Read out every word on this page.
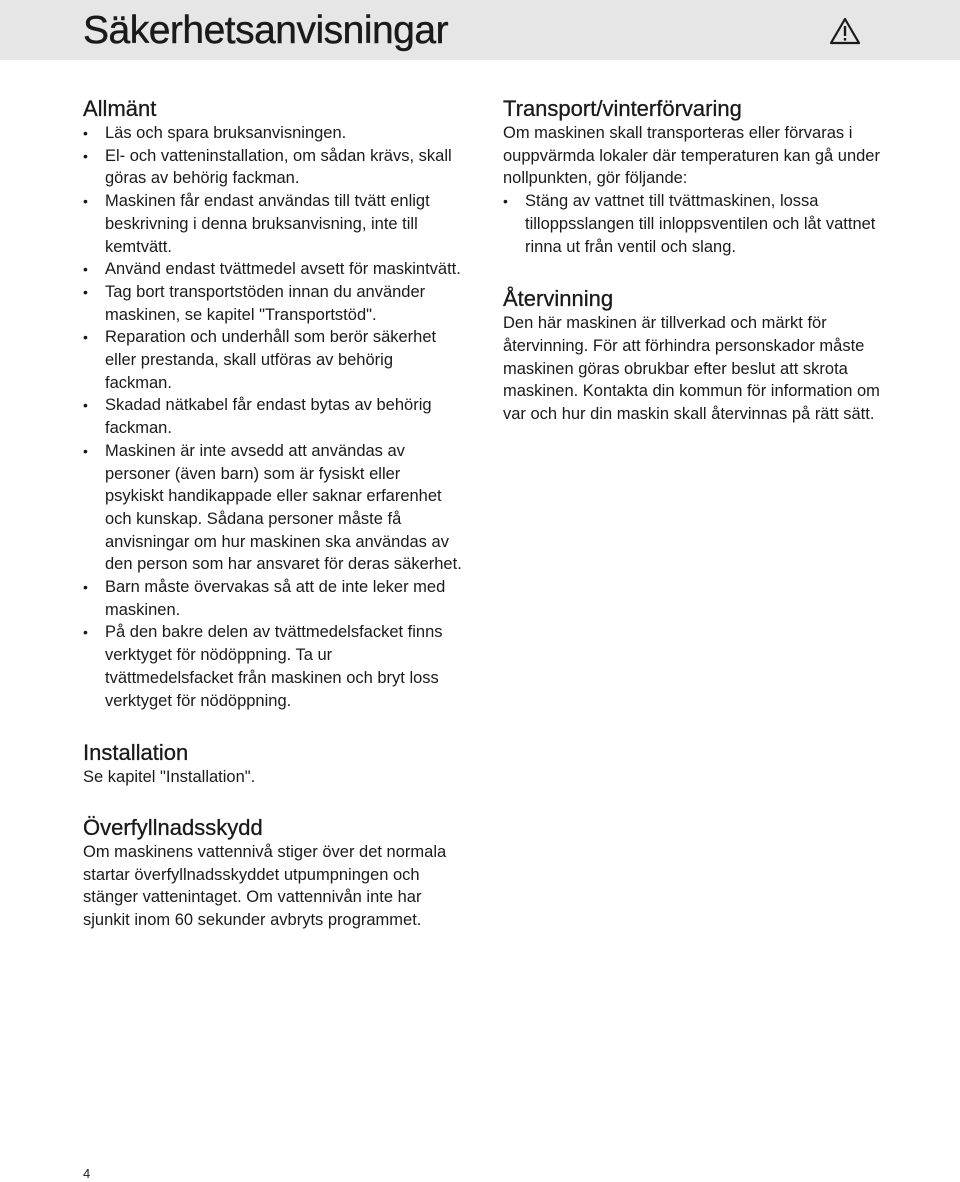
Säkerhetsanvisningar
Allmänt
• Läs och spara bruksanvisningen.
• El- och vatteninstallation, om sådan krävs, skall göras av behörig fackman.
• Maskinen får endast användas till tvätt enligt beskrivning i denna bruksanvisning, inte till kemtvätt.
• Använd endast tvättmedel avsett för maskintvätt.
• Tag bort transportstöden innan du använder maskinen, se kapitel "Transportstöd".
• Reparation och underhåll som berör säkerhet eller prestanda, skall utföras av behörig fackman.
• Skadad nätkabel får endast bytas av behörig fackman.
• Maskinen är inte avsedd att användas av personer (även barn) som är fysiskt eller psykiskt handikappade eller saknar erfarenhet och kunskap. Sådana personer måste få anvisningar om hur maskinen ska användas av den person som har ansvaret för deras säkerhet.
• Barn måste övervakas så att de inte leker med maskinen.
• På den bakre delen av tvättmedelsfacket finns verktyget för nödöppning. Ta ur tvättmedelsfacket från maskinen och bryt loss verktyget för nödöppning.
Installation

Se kapitel "Installation".

Överfyllnadsskydd

Om maskinens vattennivå stiger över det normala startar överfyllnadsskyddet utpumpningen och stänger vattenintaget. Om vattennivån inte har sjunkit inom 60 sekunder avbryts programmet.

Transport/vinterförvaring

Om maskinen skall transporteras eller förvaras i ouppvärmda lokaler där temperaturen kan gå under nollpunkten, gör följande:

• Stäng av vattnet till tvättmaskinen, lossa tilloppsslangen till inloppsventilen och låt vattnet rinna ut från ventil och slang.
Återvinning

Den här maskinen är tillverkad och märkt för återvinning. För att förhindra personskador måste maskinen göras obrukbar efter beslut att skrota maskinen. Kontakta din kommun för information om var och hur din maskin skall återvinnas på rätt sätt.

4
